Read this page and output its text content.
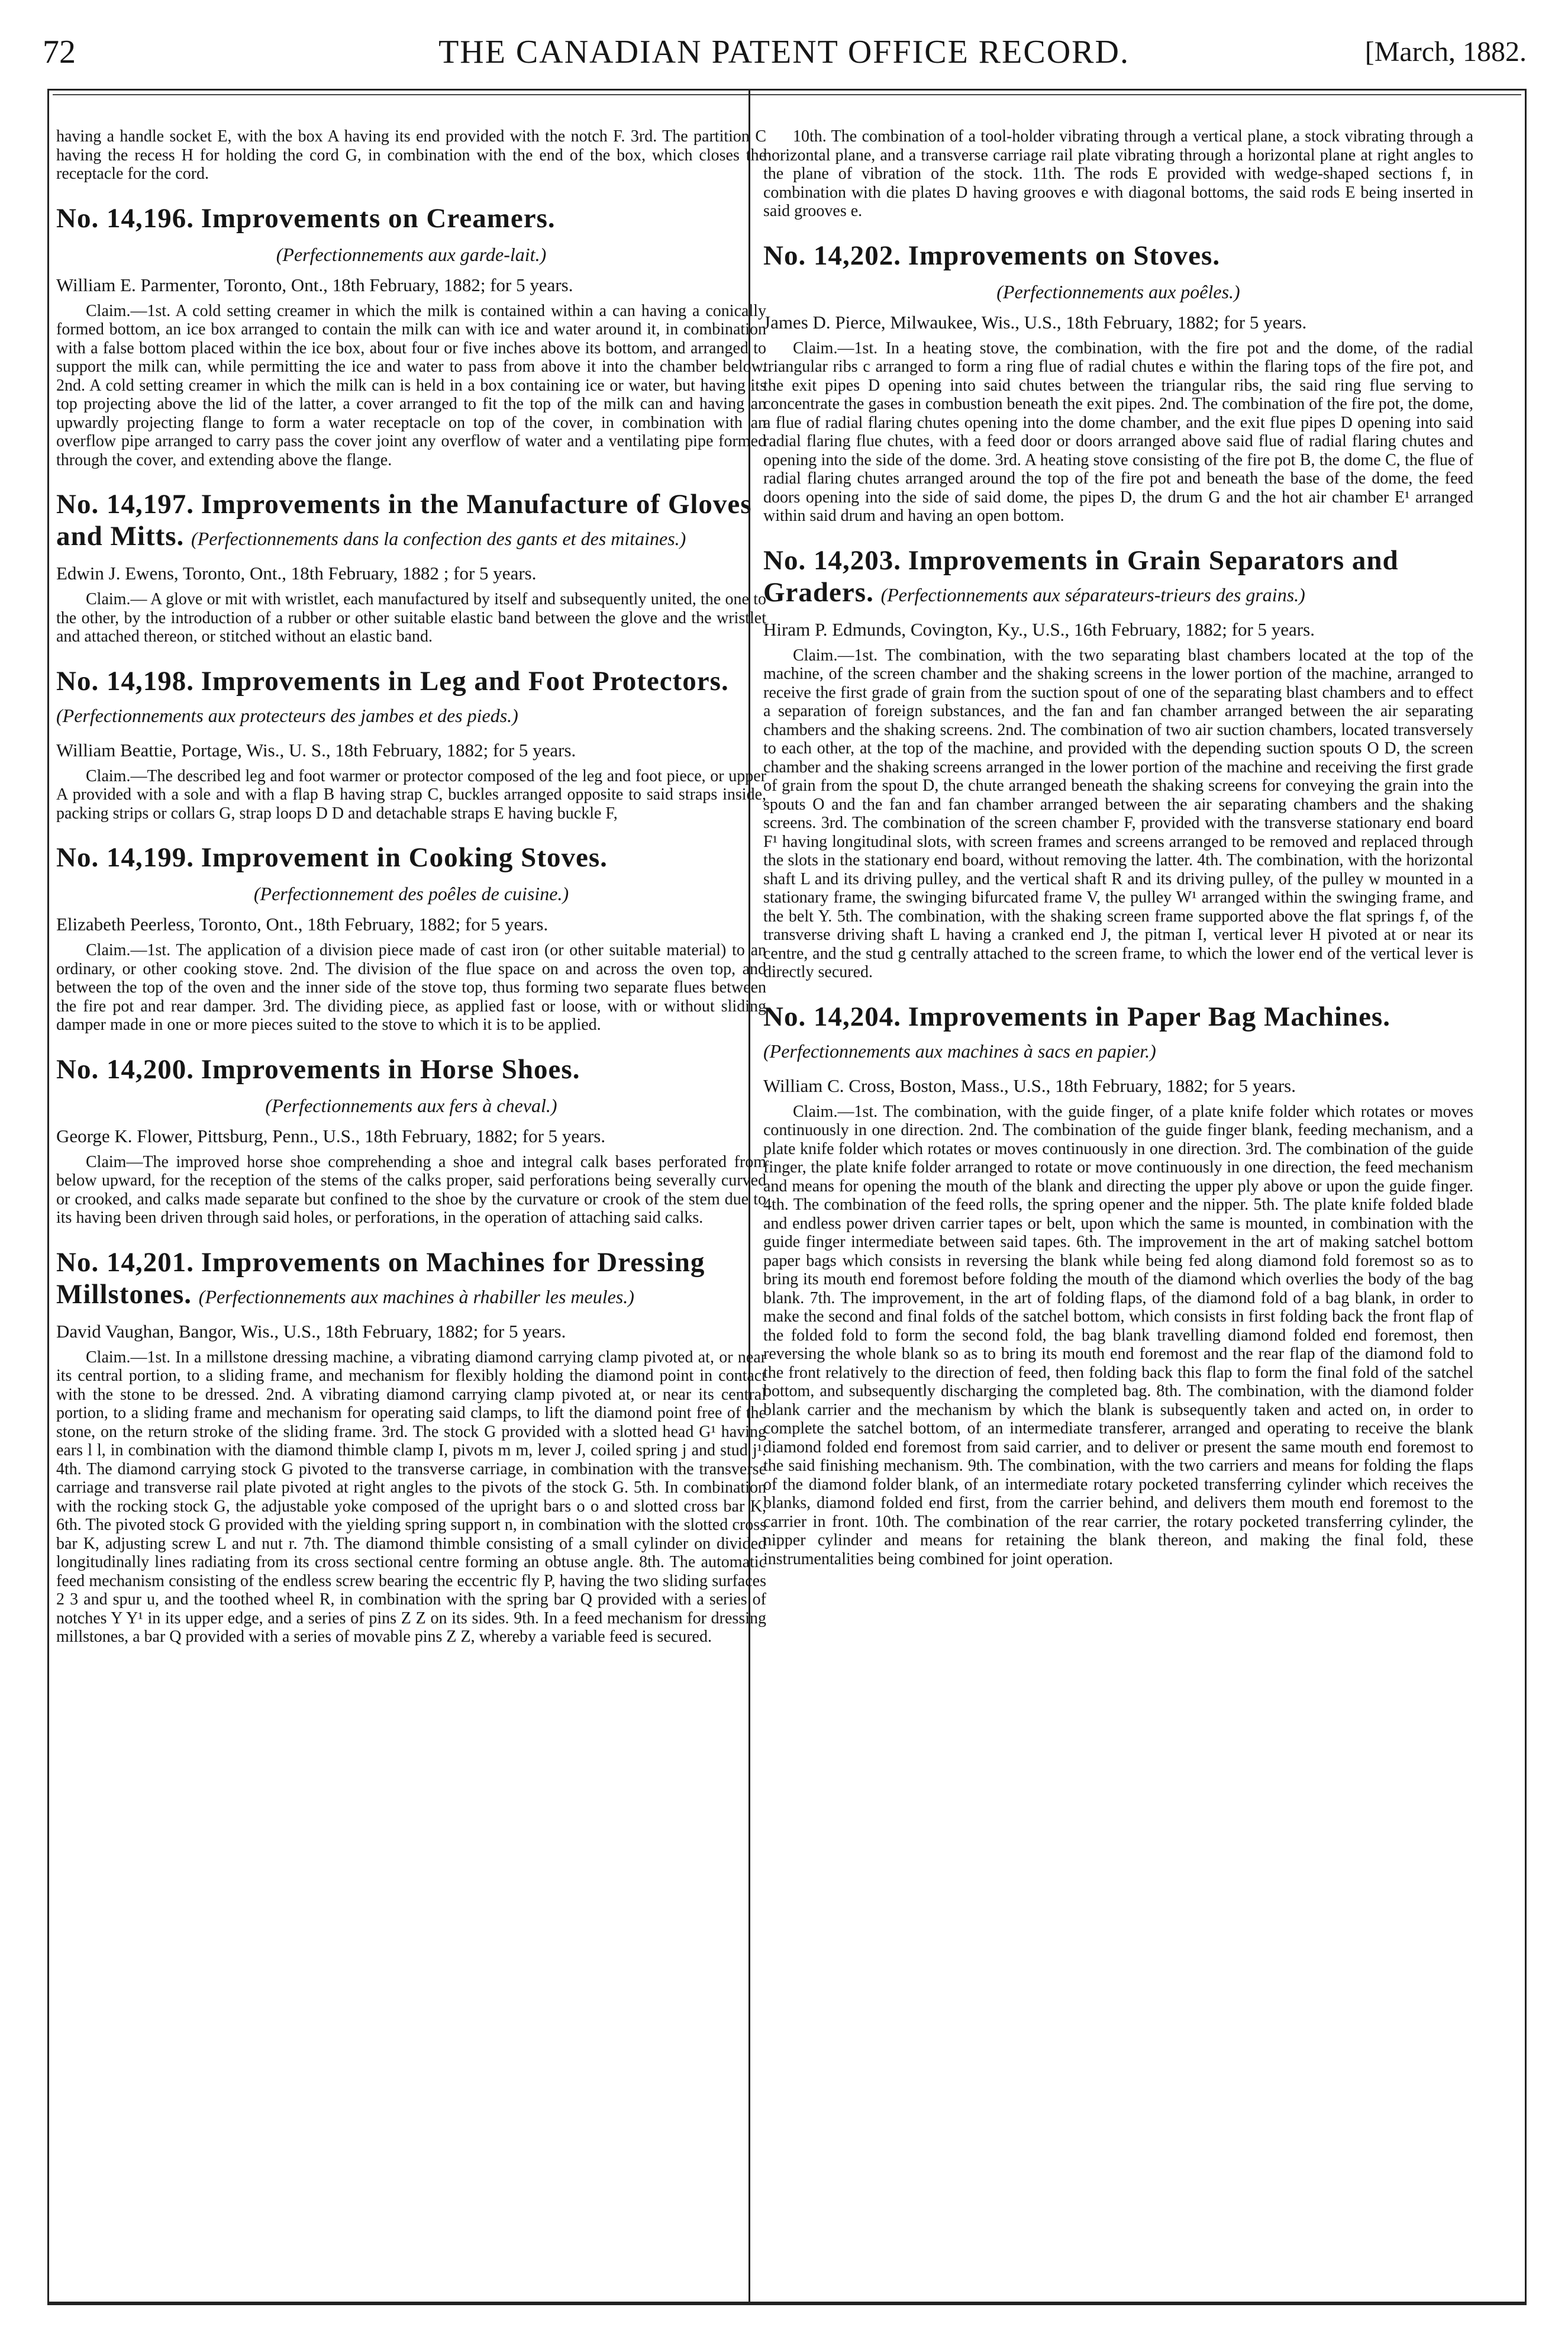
72	THE CANADIAN PATENT OFFICE RECORD.	[March, 1882.

having a handle socket E, with the box A having its end provided with the notch F. 3rd. The partition C having the recess H for holding the cord G, in combination with the end of the box, which closes the receptacle for the cord.

No. 14,196. Improvements on Creamers.

(Perfectionnements aux garde-lait.)

William E. Parmenter, Toronto, Ont., 18th February, 1882; for 5 years.

Claim.—1st. A cold setting creamer in which the milk is contained within a can having a conically formed bottom, an ice box arranged to contain the milk can with ice and water around it, in combination with a false bottom placed within the ice box, about four or five inches above its bottom, and arranged to support the milk can, while permitting the ice and water to pass from above it into the chamber below. 2nd. A cold setting creamer in which the milk can is held in a box containing ice or water, but having its top projecting above the lid of the latter, a cover arranged to fit the top of the milk can and having an upwardly projecting flange to form a water receptacle on top of the cover, in combination with an overflow pipe arranged to carry pass the cover joint any overflow of water and a ventilating pipe formed through the cover, and extending above the flange.

No. 14,197. Improvements in the Manufacture of Gloves and Mitts. (Perfectionnements dans la confection des gants et des mitaines.)

Edwin J. Ewens, Toronto, Ont., 18th February, 1882 ; for 5 years.

Claim.— A glove or mit with wristlet, each manufactured by itself and subsequently united, the one to the other, by the introduction of a rubber or other suitable elastic band between the glove and the wristlet and attached thereon, or stitched without an elastic band.

No. 14,198. Improvements in Leg and Foot Protectors. (Perfectionnements aux protecteurs des jambes et des pieds.)

William Beattie, Portage, Wis., U. S., 18th February, 1882; for 5 years.

Claim.—The described leg and foot warmer or protector composed of the leg and foot piece, or upper A provided with a sole and with a flap B having strap C, buckles arranged opposite to said straps inside, packing strips or collars G, strap loops D D and detachable straps E having buckle F,

No. 14,199. Improvement in Cooking Stoves.

(Perfectionnement des poêles de cuisine.)

Elizabeth Peerless, Toronto, Ont., 18th February, 1882; for 5 years.

Claim.—1st. The application of a division piece made of cast iron (or other suitable material) to an ordinary, or other cooking stove. 2nd. The division of the flue space on and across the oven top, and between the top of the oven and the inner side of the stove top, thus forming two separate flues between the fire pot and rear damper. 3rd. The dividing piece, as applied fast or loose, with or without sliding damper made in one or more pieces suited to the stove to which it is to be applied.

No. 14,200. Improvements in Horse Shoes.

(Perfectionnements aux fers à cheval.)

George K. Flower, Pittsburg, Penn., U.S., 18th February, 1882; for 5 years.

Claim—The improved horse shoe comprehending a shoe and integral calk bases perforated from below upward, for the reception of the stems of the calks proper, said perforations being severally curved or crooked, and calks made separate but confined to the shoe by the curvature or crook of the stem due to its having been driven through said holes, or perforations, in the operation of attaching said calks.

No. 14,201. Improvements on Machines for Dressing Millstones. (Perfectionnements aux machines à rhabiller les meules.)

David Vaughan, Bangor, Wis., U.S., 18th February, 1882; for 5 years.

Claim.—1st. In a millstone dressing machine, a vibrating diamond carrying clamp pivoted at, or near its central portion, to a sliding frame, and mechanism for flexibly holding the diamond point in contact with the stone to be dressed. 2nd. A vibrating diamond carrying clamp pivoted at, or near its central portion, to a sliding frame and mechanism for operating said clamps, to lift the diamond point free of the stone, on the return stroke of the sliding frame. 3rd. The stock G provided with a slotted head G¹ having ears l l, in combination with the diamond thimble clamp I, pivots m m, lever J, coiled spring j and stud j¹. 4th. The diamond carrying stock G pivoted to the transverse carriage, in combination with the transverse carriage and transverse rail plate pivoted at right angles to the pivots of the stock G. 5th. In combination with the rocking stock G, the adjustable yoke composed of the upright bars o o and slotted cross bar K, 6th. The pivoted stock G provided with the yielding spring support n, in combination with the slotted cross bar K, adjusting screw L and nut r. 7th. The diamond thimble consisting of a small cylinder on divided longitudinally lines radiating from its cross sectional centre forming an obtuse angle. 8th. The automatic feed mechanism consisting of the endless screw bearing the eccentric fly P, having the two sliding surfaces 2 3 and spur u, and the toothed wheel R, in combination with the spring bar Q provided with a series of notches Y Y¹ in its upper edge, and a series of pins Z Z on its sides. 9th. In a feed mechanism for dressing millstones, a bar Q provided with a series of movable pins Z Z, whereby a variable feed is secured.

10th. The combination of a tool-holder vibrating through a vertical plane, a stock vibrating through a horizontal plane, and a transverse carriage rail plate vibrating through a horizontal plane at right angles to the plane of vibration of the stock. 11th. The rods E provided with wedge-shaped sections f, in combination with die plates D having grooves e with diagonal bottoms, the said rods E being inserted in said grooves e.

No. 14,202. Improvements on Stoves.

(Perfectionnements aux poêles.)

James D. Pierce, Milwaukee, Wis., U.S., 18th February, 1882; for 5 years.

Claim.—1st. In a heating stove, the combination, with the fire pot and the dome, of the radial triangular ribs c arranged to form a ring flue of radial chutes e within the flaring tops of the fire pot, and the exit pipes D opening into said chutes between the triangular ribs, the said ring flue serving to concentrate the gases in combustion beneath the exit pipes. 2nd. The combination of the fire pot, the dome, a flue of radial flaring chutes opening into the dome chamber, and the exit flue pipes D opening into said radial flaring flue chutes, with a feed door or doors arranged above said flue of radial flaring chutes and opening into the side of the dome. 3rd. A heating stove consisting of the fire pot B, the dome C, the flue of radial flaring chutes arranged around the top of the fire pot and beneath the base of the dome, the feed doors opening into the side of said dome, the pipes D, the drum G and the hot air chamber E¹ arranged within said drum and having an open bottom.

No. 14,203. Improvements in Grain Separators and Graders. (Perfectionnements aux séparateurs-trieurs des grains.)

Hiram P. Edmunds, Covington, Ky., U.S., 16th February, 1882; for 5 years.

Claim.—1st. The combination, with the two separating blast chambers located at the top of the machine, of the screen chamber and the shaking screens in the lower portion of the machine, arranged to receive the first grade of grain from the suction spout of one of the separating blast chambers and to effect a separation of foreign substances, and the fan and fan chamber arranged between the air separating chambers and the shaking screens. 2nd. The combination of two air suction chambers, located transversely to each other, at the top of the machine, and provided with the depending suction spouts O D, the screen chamber and the shaking screens arranged in the lower portion of the machine and receiving the first grade of grain from the spout D, the chute arranged beneath the shaking screens for conveying the grain into the spouts O and the fan and fan chamber arranged between the air separating chambers and the shaking screens. 3rd. The combination of the screen chamber F, provided with the transverse stationary end board F¹ having longitudinal slots, with screen frames and screens arranged to be removed and replaced through the slots in the stationary end board, without removing the latter. 4th. The combination, with the horizontal shaft L and its driving pulley, and the vertical shaft R and its driving pulley, of the pulley w mounted in a stationary frame, the swinging bifurcated frame V, the pulley W¹ arranged within the swinging frame, and the belt Y. 5th. The combination, with the shaking screen frame supported above the flat springs f, of the transverse driving shaft L having a cranked end J, the pitman I, vertical lever H pivoted at or near its centre, and the stud g centrally attached to the screen frame, to which the lower end of the vertical lever is directly secured.

No. 14,204. Improvements in Paper Bag Machines. (Perfectionnements aux machines à sacs en papier.)

William C. Cross, Boston, Mass., U.S., 18th February, 1882; for 5 years.

Claim.—1st. The combination, with the guide finger, of a plate knife folder which rotates or moves continuously in one direction. 2nd. The combination of the guide finger blank, feeding mechanism, and a plate knife folder which rotates or moves continuously in one direction. 3rd. The combination of the guide finger, the plate knife folder arranged to rotate or move continuously in one direction, the feed mechanism and means for opening the mouth of the blank and directing the upper ply above or upon the guide finger. 4th. The combination of the feed rolls, the spring opener and the nipper. 5th. The plate knife folded blade and endless power driven carrier tapes or belt, upon which the same is mounted, in combination with the guide finger intermediate between said tapes. 6th. The improvement in the art of making satchel bottom paper bags which consists in reversing the blank while being fed along diamond fold foremost so as to bring its mouth end foremost before folding the mouth of the diamond which overlies the body of the bag blank. 7th. The improvement, in the art of folding flaps, of the diamond fold of a bag blank, in order to make the second and final folds of the satchel bottom, which consists in first folding back the front flap of the folded fold to form the second fold, the bag blank travelling diamond folded end foremost, then reversing the whole blank so as to bring its mouth end foremost and the rear flap of the diamond fold to the front relatively to the direction of feed, then folding back this flap to form the final fold of the satchel bottom, and subsequently discharging the completed bag. 8th. The combination, with the diamond folder blank carrier and the mechanism by which the blank is subsequently taken and acted on, in order to complete the satchel bottom, of an intermediate transferer, arranged and operating to receive the blank diamond folded end foremost from said carrier, and to deliver or present the same mouth end foremost to the said finishing mechanism. 9th. The combination, with the two carriers and means for folding the flaps of the diamond folder blank, of an intermediate rotary pocketed transferring cylinder which receives the blanks, diamond folded end first, from the carrier behind, and delivers them mouth end foremost to the carrier in front. 10th. The combination of the rear carrier, the rotary pocketed transferring cylinder, the nipper cylinder and means for retaining the blank thereon, and making the final fold, these instrumentalities being combined for joint operation.
